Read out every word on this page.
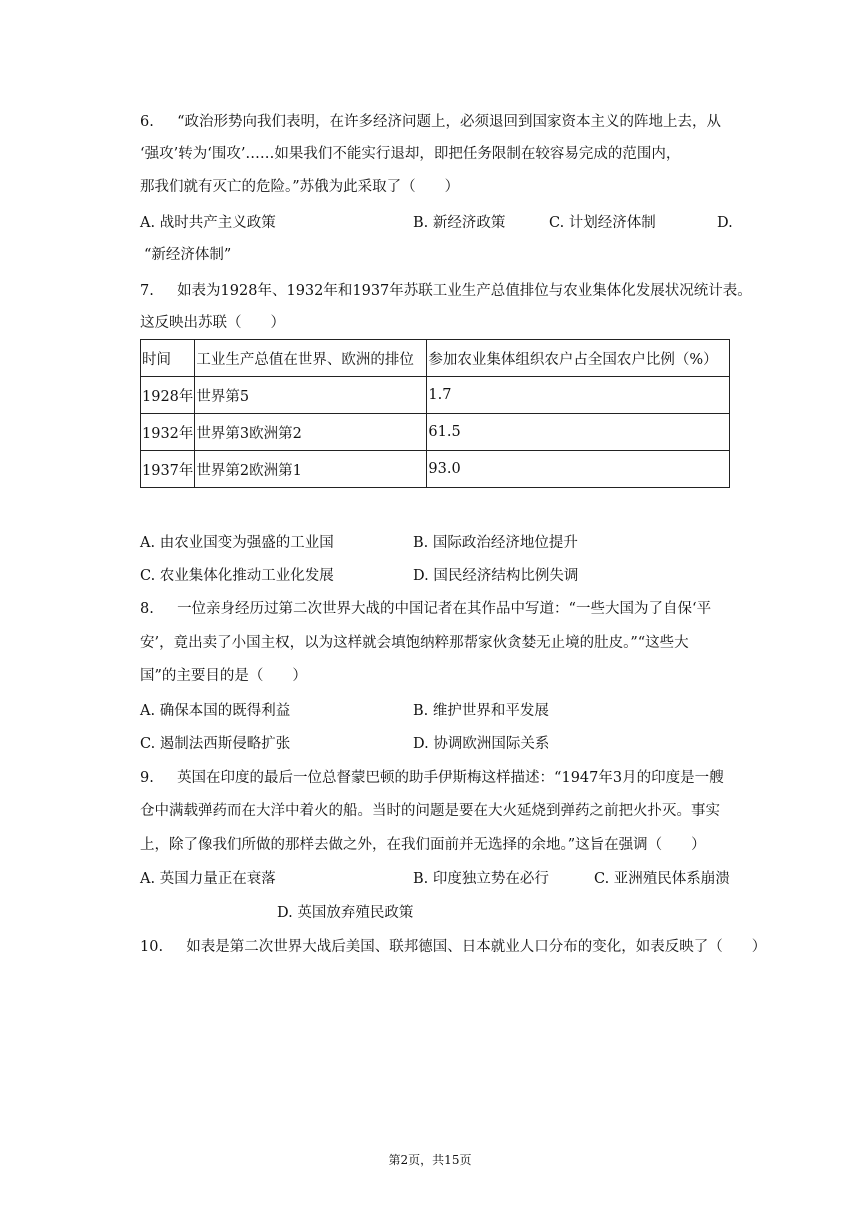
6. “政治形势向我们表明，在许多经济问题上，必须退回到国家资本主义的阵地上去，从
‘强攻’转为‘围攻’……如果我们不能实行退却，即把任务限制在较容易完成的范围内，
那我们就有灭亡的危险。”苏俄为此采取了（　　）
A. 战时共产主义政策	B. 新经济政策	C. 计划经济体制	D.
“新经济体制”
7. 如表为1928年、1932年和1937年苏联工业生产总值排位与农业集体化发展状况统计表。
这反映出苏联（　　）
时间	工业生产总值在世界、欧洲的排位	参加农业集体组织农户占全国农户比例（%）
1928年	世界第5	1.7
1932年	世界第3欧洲第2	61.5
1937年	世界第2欧洲第1	93.0
A. 由农业国变为强盛的工业国	B. 国际政治经济地位提升
C. 农业集体化推动工业化发展	D. 国民经济结构比例失调
8. 一位亲身经历过第二次世界大战的中国记者在其作品中写道：“一些大国为了自保‘平
安’，竟出卖了小国主权，以为这样就会填饱纳粹那帮家伙贪婪无止境的肚皮。”“这些大
国”的主要目的是（　　）
A. 确保本国的既得利益	B. 维护世界和平发展
C. 遏制法西斯侵略扩张	D. 协调欧洲国际关系
9. 英国在印度的最后一位总督蒙巴顿的助手伊斯梅这样描述：“1947年3月的印度是一艘
仓中满载弹药而在大洋中着火的船。当时的问题是要在大火延烧到弹药之前把火扑灭。事实
上，除了像我们所做的那样去做之外，在我们面前并无选择的余地。”这旨在强调（　　）
A. 英国力量正在衰落	B. 印度独立势在必行	C. 亚洲殖民体系崩溃
D. 英国放弃殖民政策
10. 如表是第二次世界大战后美国、联邦德国、日本就业人口分布的变化，如表反映了（　　）
第2页，共15页
